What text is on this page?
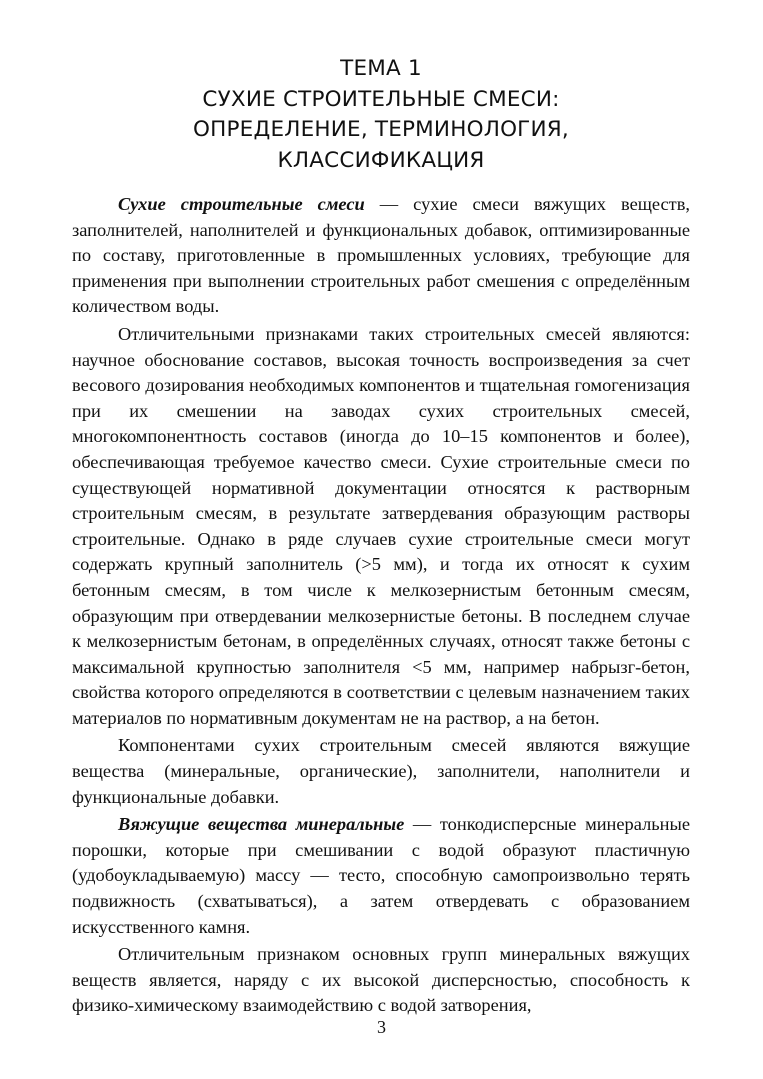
ТЕМА 1
СУХИЕ СТРОИТЕЛЬНЫЕ СМЕСИ:
ОПРЕДЕЛЕНИЕ, ТЕРМИНОЛОГИЯ,
КЛАССИФИКАЦИЯ

Сухие строительные смеси — сухие смеси вяжущих веществ, заполнителей, наполнителей и функциональных добавок, оптимизированные по составу, приготовленные в промышленных условиях, требующие для применения при выполнении строительных работ смешения с определённым количеством воды.

Отличительными признаками таких строительных смесей являются: научное обоснование составов, высокая точность воспроизведения за счет весового дозирования необходимых компонентов и тщательная гомогенизация при их смешении на заводах сухих строительных смесей, многокомпонентность составов (иногда до 10–15 компонентов и более), обеспечивающая требуемое качество смеси. Сухие строительные смеси по существующей нормативной документации относятся к растворным строительным смесям, в результате затвердевания образующим растворы строительные. Однако в ряде случаев сухие строительные смеси могут содержать крупный заполнитель (>5 мм), и тогда их относят к сухим бетонным смесям, в том числе к мелкозернистым бетонным смесям, образующим при отвердевании мелкозернистые бетоны. В последнем случае к мелкозернистым бетонам, в определённых случаях, относят также бетоны с максимальной крупностью заполнителя <5 мм, например набрызг-бетон, свойства которого определяются в соответствии с целевым назначением таких материалов по нормативным документам не на раствор, а на бетон.

Компонентами сухих строительным смесей являются вяжущие вещества (минеральные, органические), заполнители, наполнители и функциональные добавки.

Вяжущие вещества минеральные — тонкодисперсные минеральные порошки, которые при смешивании с водой образуют пластичную (удобоукладываемую) массу — тесто, способную самопроизвольно терять подвижность (схватываться), а затем отвердевать с образованием искусственного камня.

Отличительным признаком основных групп минеральных вяжущих веществ является, наряду с их высокой дисперсностью, способность к физико-химическому взаимодействию с водой затворения,

3
